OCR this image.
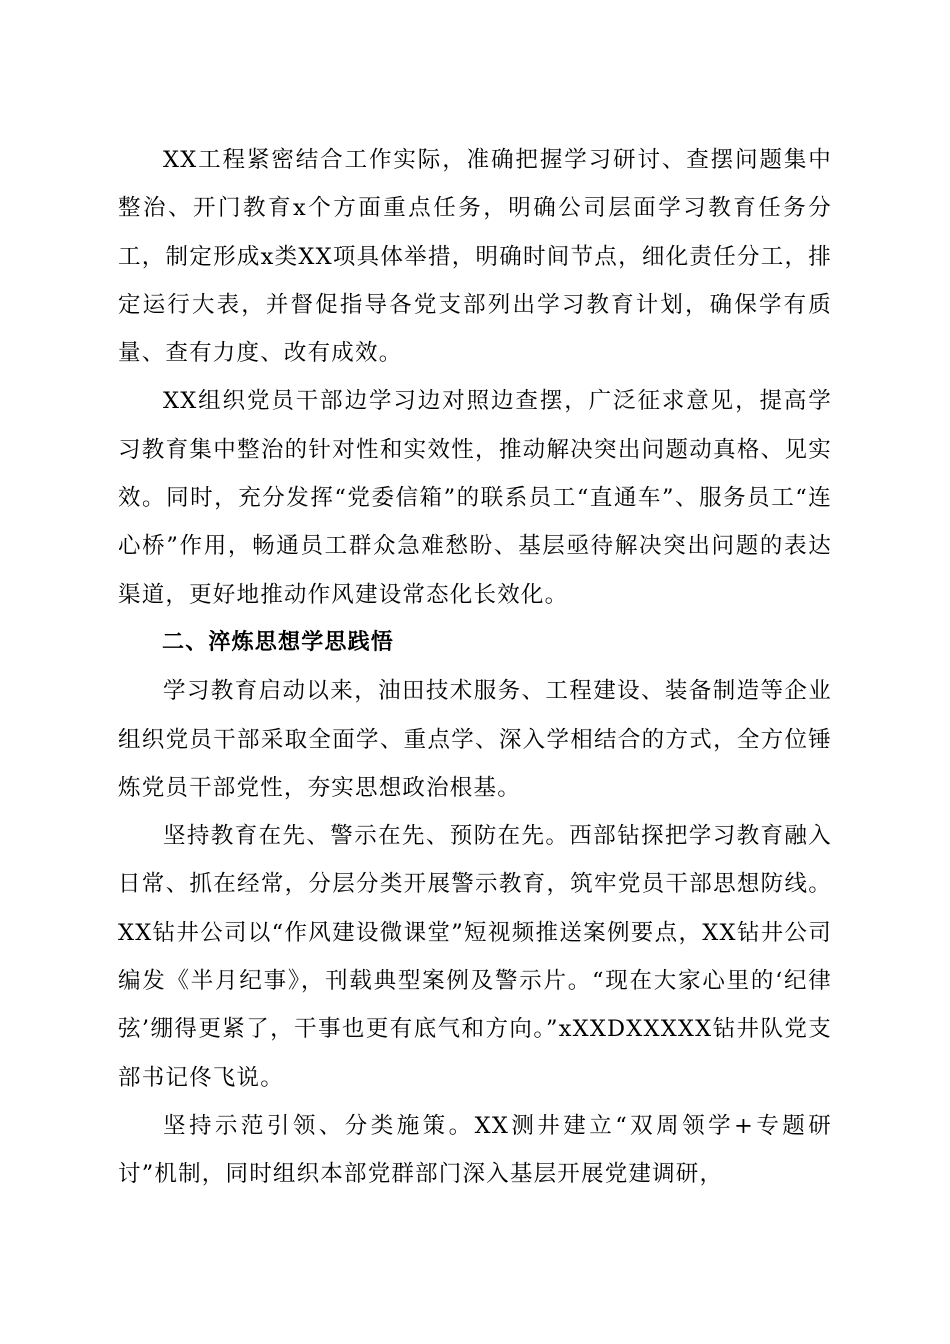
XX工程紧密结合工作实际，准确把握学习研讨、查摆问题集中整治、开门教育x个方面重点任务，明确公司层面学习教育任务分工，制定形成x类XX项具体举措，明确时间节点，细化责任分工，排定运行大表，并督促指导各党支部列出学习教育计划，确保学有质量、查有力度、改有成效。

XX组织党员干部边学习边对照边查摆，广泛征求意见，提高学习教育集中整治的针对性和实效性，推动解决突出问题动真格、见实效。同时，充分发挥“党委信箱”的联系员工“直通车”、服务员工“连心桥”作用，畅通员工群众急难愁盼、基层亟待解决突出问题的表达渠道，更好地推动作风建设常态化长效化。

二、淬炼思想学思践悟

学习教育启动以来，油田技术服务、工程建设、装备制造等企业组织党员干部采取全面学、重点学、深入学相结合的方式，全方位锤炼党员干部党性，夯实思想政治根基。

坚持教育在先、警示在先、预防在先。西部钻探把学习教育融入日常、抓在经常，分层分类开展警示教育，筑牢党员干部思想防线。XX钻井公司以“作风建设微课堂”短视频推送案例要点，XX钻井公司编发《半月纪事》，刊载典型案例及警示片。“现在大家心里的‘纪律弦’绷得更紧了，干事也更有底气和方向。”xXXDXXXXX钻井队党支部书记佟飞说。

坚持示范引领、分类施策。XX测井建立“双周领学+专题研讨”机制，同时组织本部党群部门深入基层开展党建调研，
